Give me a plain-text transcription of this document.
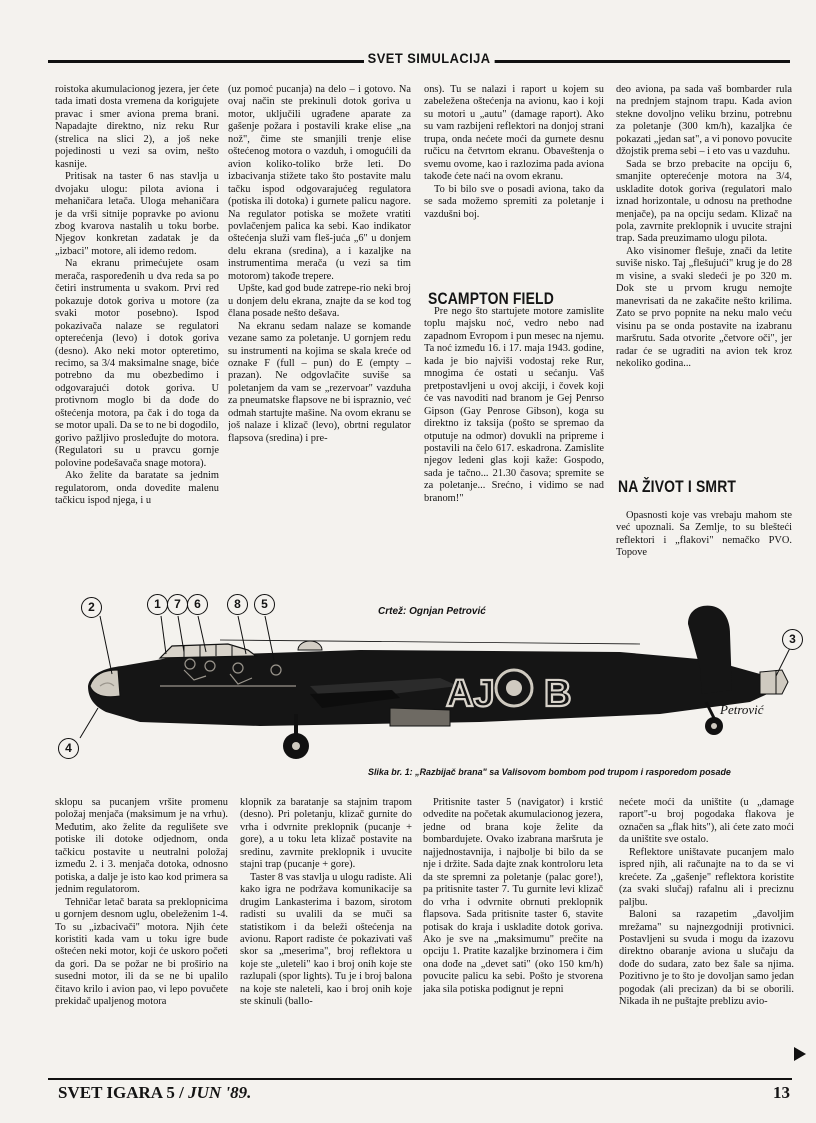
SVET SIMULACIJA

roistoka akumulacionog jezera, jer ćete tada imati dosta vremena da korigujete pravac i smer aviona prema brani. Napadajte direktno, niz reku Rur (strelica na slici 2), a još neke pojedinosti u vezi sa ovim, nešto kasnije.

Pritisak na taster 6 nas stavlja u dvojaku ulogu: pilota aviona i mehaničara letača. Uloga mehaničara je da vrši sitnije popravke po avionu zbog kvarova nastalih u toku borbe. Njegov konkretan zadatak je da „izbaci" motore, ali idemo redom.

Na ekranu primećujete osam merača, raspoređenih u dva reda sa po četiri instrumenta u svakom. Prvi red pokazuje dotok goriva u motore (za svaki motor posebno). Ispod pokazivača nalaze se regulatori opterećenja (levo) i dotok goriva (desno). Ako neki motor opteretimo, recimo, sa 3/4 maksimalne snage, biće potrebno da mu obezbedimo i odgovarajući dotok goriva. U protivnom moglo bi da dođe do oštećenja motora, pa čak i do toga da se motor upali. Da se to ne bi dogodilo, gorivo pažljivo prosleđujte do motora. (Regulatori su u pravcu gornje polovine podešavača snage motora).

Ako želite da baratate sa jednim regulatorom, onda dovedite malenu tačkicu ispod njega, i u

(uz pomoć pucanja) na delo – i gotovo. Na ovaj način ste prekinuli dotok goriva u motor, uključili ugrađene aparate za gašenje požara i postavili krake elise „na nož", čime ste smanjili trenje elise oštećenog motora o vazduh, i omogućili da avion koliko-toliko brže leti. Do izbacivanja stižete tako što postavite malu tačku ispod odgovarajućeg regulatora (potiska ili dotoka) i gurnete palicu nagore. Na regulator potiska se možete vratiti povlačenjem palica ka sebi. Kao indikator oštećenja služi vam fleš-juća „6" u donjem delu ekrana (sredina), a i kazaljke na instrumentima merača (u vezi sa tim motorom) takođe trepere.

Upšte, kad god bude zatrepe-rio neki broj u donjem delu ekrana, znajte da se kod tog člana posade nešto dešava.

Na ekranu sedam nalaze se komande vezane samo za poletanje. U gornjem redu su instrumenti na kojima se skala kreće od oznake F (full – pun) do E (empty – prazan). Ne odgovlačite suviše sa poletanjem da vam se „rezervoar" vazduha za pneumatske flapsove ne bi ispraznio, već odmah startujte mašine. Na ovom ekranu se još nalaze i klizač (levo), obrtni regulator flapsova (sredina) i pre-

ons). Tu se nalazi i raport u kojem su zabeležena oštećenja na avionu, kao i koji su motori u „autu" (damage raport). Ako su vam razbijeni reflektori na donjoj strani trupa, onda nećete moći da gurnete desnu ručicu na četvrtom ekranu. Obaveštenja o svemu ovome, kao i razlozima pada aviona takođe ćete naći na ovom ekranu.

To bi bilo sve o posadi aviona, tako da se sada možemo spremiti za poletanje i vazdušni boj.

SCAMPTON FIELD

Pre nego što startujete motore zamislite toplu majsku noć, vedro nebo nad zapadnom Evropom i pun mesec na njemu. Ta noć između 16. i 17. maja 1943. godine, kada je bio najviši vodostaj reke Rur, mnogima će ostati u sećanju. Vaš pretpostavljeni u ovoj akciji, i čovek koji će vas navoditi nad branom je Gej Penrso Gipson (Gay Penrose Gibson), koga su direktno iz taksija (pošto se spremao da otputuje na odmor) dovukli na pripreme i postavili na čelo 617. eskadrona. Zamislite njegov ledeni glas koji kaže: Gospodo, sada je tačno... 21.30 časova; spremite se za poletanje... Srećno, i vidimo se nad branom!"

deo aviona, pa sada vaš bombarder rula na prednjem stajnom trapu. Kada avion stekne dovoljno veliku brzinu, potrebnu za poletanje (300 km/h), kazaljka će pokazati „jedan sat", a vi ponovo povucite džojstik prema sebi – i eto vas u vazduhu.

Sada se brzo prebacite na opciju 6, smanjite opterećenje motora na 3/4, uskladite dotok goriva (regulatori malo iznad horizontale, u odnosu na prethodne menjače), pa na opciju sedam. Klizač na pola, zavrnite preklopnik i uvucite strajni trap. Sada preuzimamo ulogu pilota.

Ako visinomer flešuje, znači da letite suviše nisko. Taj „flešujući" krug je do 28 m visine, a svaki sledeći je po 320 m. Dok ste u prvom krugu nemojte manevrisati da ne zakačite nešto krilima. Zato se prvo popnite na neku malo veću visinu pa se onda postavite na izabranu maršrutu. Sada otvorite „četvore oči", jer radar će se ugraditi na avion tek kroz nekoliko godina...

NA ŽIVOT I SMRT

Opasnosti koje vas vrebaju mahom ste već upoznali. Sa Zemlje, to su blešteći reflektori i „flakovi" nemačko PVO. Topove

AJ B	Petrović
Crtež: Ognjan Petrović
2	1	7	6	8	5
3
4
Slika br. 1: „Razbijač brana" sa Valisovom bombom pod trupom i rasporedom posade

sklopu sa pucanjem vršite promenu položaj menjača (maksimum je na vrhu). Međutim, ako želite da regulišete sve potiske ili dotoke odjednom, onda tačkicu postavite u neutralni položaj između 2. i 3. menjača dotoka, odnosno potiska, a dalje je isto kao kod primera sa jednim regulatorom.

Tehničar letač barata sa preklopnicima u gornjem desnom uglu, obeleženim 1-4. To su „izbacivači" motora. Njih ćete koristiti kada vam u toku igre bude oštećen neki motor, koji će uskoro početi da gori. Da se požar ne bi proširio na susedni motor, ili da se ne bi upalilo čitavo krilo i avion pao, vi lepo povučete prekidač upaljenog motora

klopnik za baratanje sa stajnim trapom (desno). Pri poletanju, klizač gurnite do vrha i odvrnite preklopnik (pucanje + gore), a u toku leta klizač postavite na sredinu, zavrnite preklopnik i uvucite stajni trap (pucanje + gore).

Taster 8 vas stavlja u ulogu radiste. Ali kako igra ne podržava komunikacije sa drugim Lankasterima i bazom, sirotom radisti su uvalili da se muči sa statistikom i da beleži oštećenja na avionu. Raport radiste će pokazivati vaš skor sa „meserima", broj reflektora u koje ste „uleteli" kao i broj onih koje ste razlupali (spor lights). Tu je i broj balona na koje ste naleteli, kao i broj onih koje ste skinuli (ballo-

Pritisnite taster 5 (navigator) i krstić odvedite na početak akumulacionog jezera, jedne od brana koje želite da bombardujete. Ovako izabrana maršruta je najjednostavnija, i najbolje bi bilo da se nje i držite. Sada dajte znak kontroloru leta da ste spremni za poletanje (palac gore!), pa pritisnite taster 7. Tu gurnite levi klizač do vrha i odvrnite obrnuti preklopnik flapsova. Sada pritisnite taster 6, stavite potisak do kraja i uskladite dotok goriva. Ako je sve na „maksimumu" prečite na opciju 1. Pratite kazaljke brzinomera i čim ona dođe na „devet sati" (oko 150 km/h) povucite palicu ka sebi. Pošto je stvorena jaka sila potiska podignut je repni

nećete moći da uništite (u „damage raport"-u broj pogodaka flakova je označen sa „flak hits"), ali ćete zato moći da uništite sve ostalo.

Reflektore uništavate pucanjem malo ispred njih, ali računajte na to da se vi krećete. Za „gašenje" reflektora koristite (za svaki slučaj) rafalnu ali i preciznu paljbu.

Baloni sa razapetim „đavoljim mrežama" su najnezgodniji protivnici. Postavljeni su svuda i mogu da izazovu direktno obaranje aviona u slučaju da dođe do sudara, zato bez šale sa njima. Pozitivno je to što je dovoljan samo jedan pogodak (ali precizan) da bi se oborili. Nikada ih ne puštajte preblizu avio-

SVET IGARA 5 / JUN '89.	13
